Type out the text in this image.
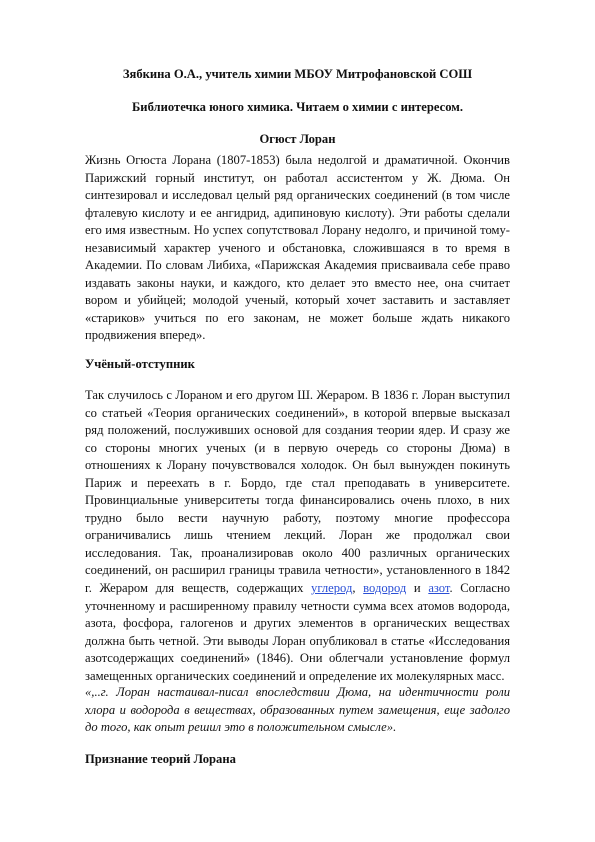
Зябкина О.А., учитель химии МБОУ Митрофановской СОШ
Библиотечка юного химика. Читаем о химии с интересом.
Огюст Лоран

Жизнь Огюста Лорана (1807-1853) была недолгой и драматичной. Окончив Парижский горный институт, он работал ассистентом у Ж. Дюма. Он синтезировал и исследовал целый ряд органических соединений (в том числе фталевую кислоту и ее ангидрид, адипиновую кислоту). Эти работы сделали его имя известным. Но успех сопутствовал Лорану недолго, и причиной тому-независимый характер ученого и обстановка, сложившаяся в то время в Академии. По словам Либиха, «Парижская Академия присваивала себе право издавать законы науки, и каждого, кто делает это вместо нее, она считает вором и убийцей; молодой ученый, который хочет заставить и заставляет «стариков» учиться по его законам, не может больше ждать никакого продвижения вперед».

Учёный-отступник

Так случилось с Лораном и его другом Ш. Жераром. В 1836 г. Лоран выступил со статьей «Теория органических соединений», в которой впервые высказал ряд положений, послуживших основой для создания теории ядер. И сразу же со стороны многих ученых (и в первую очередь со стороны Дюма) в отношениях к Лорану почувствовался холодок. Он был вынужден покинуть Париж и переехать в г. Бордо, где стал преподавать в университете. Провинциальные университеты тогда финансировались очень плохо, в них трудно было вести научную работу, поэтому многие профессора ограничивались лишь чтением лекций. Лоран же продолжал свои исследования. Так, проанализировав около 400 различных органических соединений, он расширил границы травила четности», установленного в 1842 г. Жераром для веществ, содержащих углерод, водород и азот. Согласно уточненному и расширенному правилу четности сумма всех атомов водорода, азота, фосфора, галогенов и других элементов в органических веществах должна быть четной. Эти выводы Лоран опубликовал в статье «Исследования азотсодержащих соединений» (1846). Они облегчали установление формул замещенных органических соединений и определение их молекулярных масс.

«,..г. Лоран настаивал-писал впоследствии Дюма, на идентичности роли хлора и водорода в веществах, образованных путем замещения, еще задолго до того, как опыт решил это в положительном смысле».

Признание теорий Лорана
